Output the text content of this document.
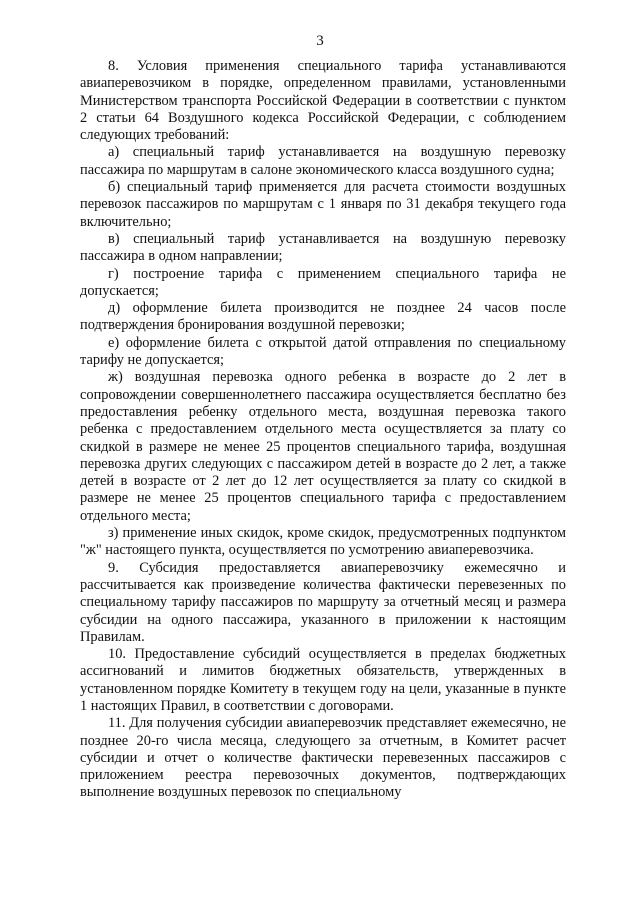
3

8. Условия применения специального тарифа устанавливаются авиаперевозчиком в порядке, определенном правилами, установленными Министерством транспорта Российской Федерации в соответствии с пунктом 2 статьи 64 Воздушного кодекса Российской Федерации, с соблюдением следующих требований:

а) специальный тариф устанавливается на воздушную перевозку пассажира по маршрутам в салоне экономического класса воздушного судна;

б) специальный тариф применяется для расчета стоимости воздушных перевозок пассажиров по маршрутам с 1 января по 31 декабря текущего года включительно;

в) специальный тариф устанавливается на воздушную перевозку пассажира в одном направлении;

г) построение тарифа с применением специального тарифа не допускается;

д) оформление билета производится не позднее 24 часов после подтверждения бронирования воздушной перевозки;

е) оформление билета с открытой датой отправления по специальному тарифу не допускается;

ж) воздушная перевозка одного ребенка в возрасте до 2 лет в сопровождении совершеннолетнего пассажира осуществляется бесплатно без предоставления ребенку отдельного места, воздушная перевозка такого ребенка с предоставлением отдельного места осуществляется за плату со скидкой в размере не менее 25 процентов специального тарифа, воздушная перевозка других следующих с пассажиром детей в возрасте до 2 лет, а также детей в возрасте от 2 лет до 12 лет осуществляется за плату со скидкой в размере не менее 25 процентов специального тарифа с предоставлением отдельного места;

з) применение иных скидок, кроме скидок, предусмотренных подпунктом "ж" настоящего пункта, осуществляется по усмотрению авиаперевозчика.

9. Субсидия предоставляется авиаперевозчику ежемесячно и рассчитывается как произведение количества фактически перевезенных по специальному тарифу пассажиров по маршруту за отчетный месяц и размера субсидии на одного пассажира, указанного в приложении к настоящим Правилам.

10. Предоставление субсидий осуществляется в пределах бюджетных ассигнований и лимитов бюджетных обязательств, утвержденных в установленном порядке Комитету в текущем году на цели, указанные в пункте 1 настоящих Правил, в соответствии с договорами.

11. Для получения субсидии авиаперевозчик представляет ежемесячно, не позднее 20-го числа месяца, следующего за отчетным, в Комитет расчет субсидии и отчет о количестве фактически перевезенных пассажиров с приложением реестра перевозочных документов, подтверждающих выполнение воздушных перевозок по специальному
